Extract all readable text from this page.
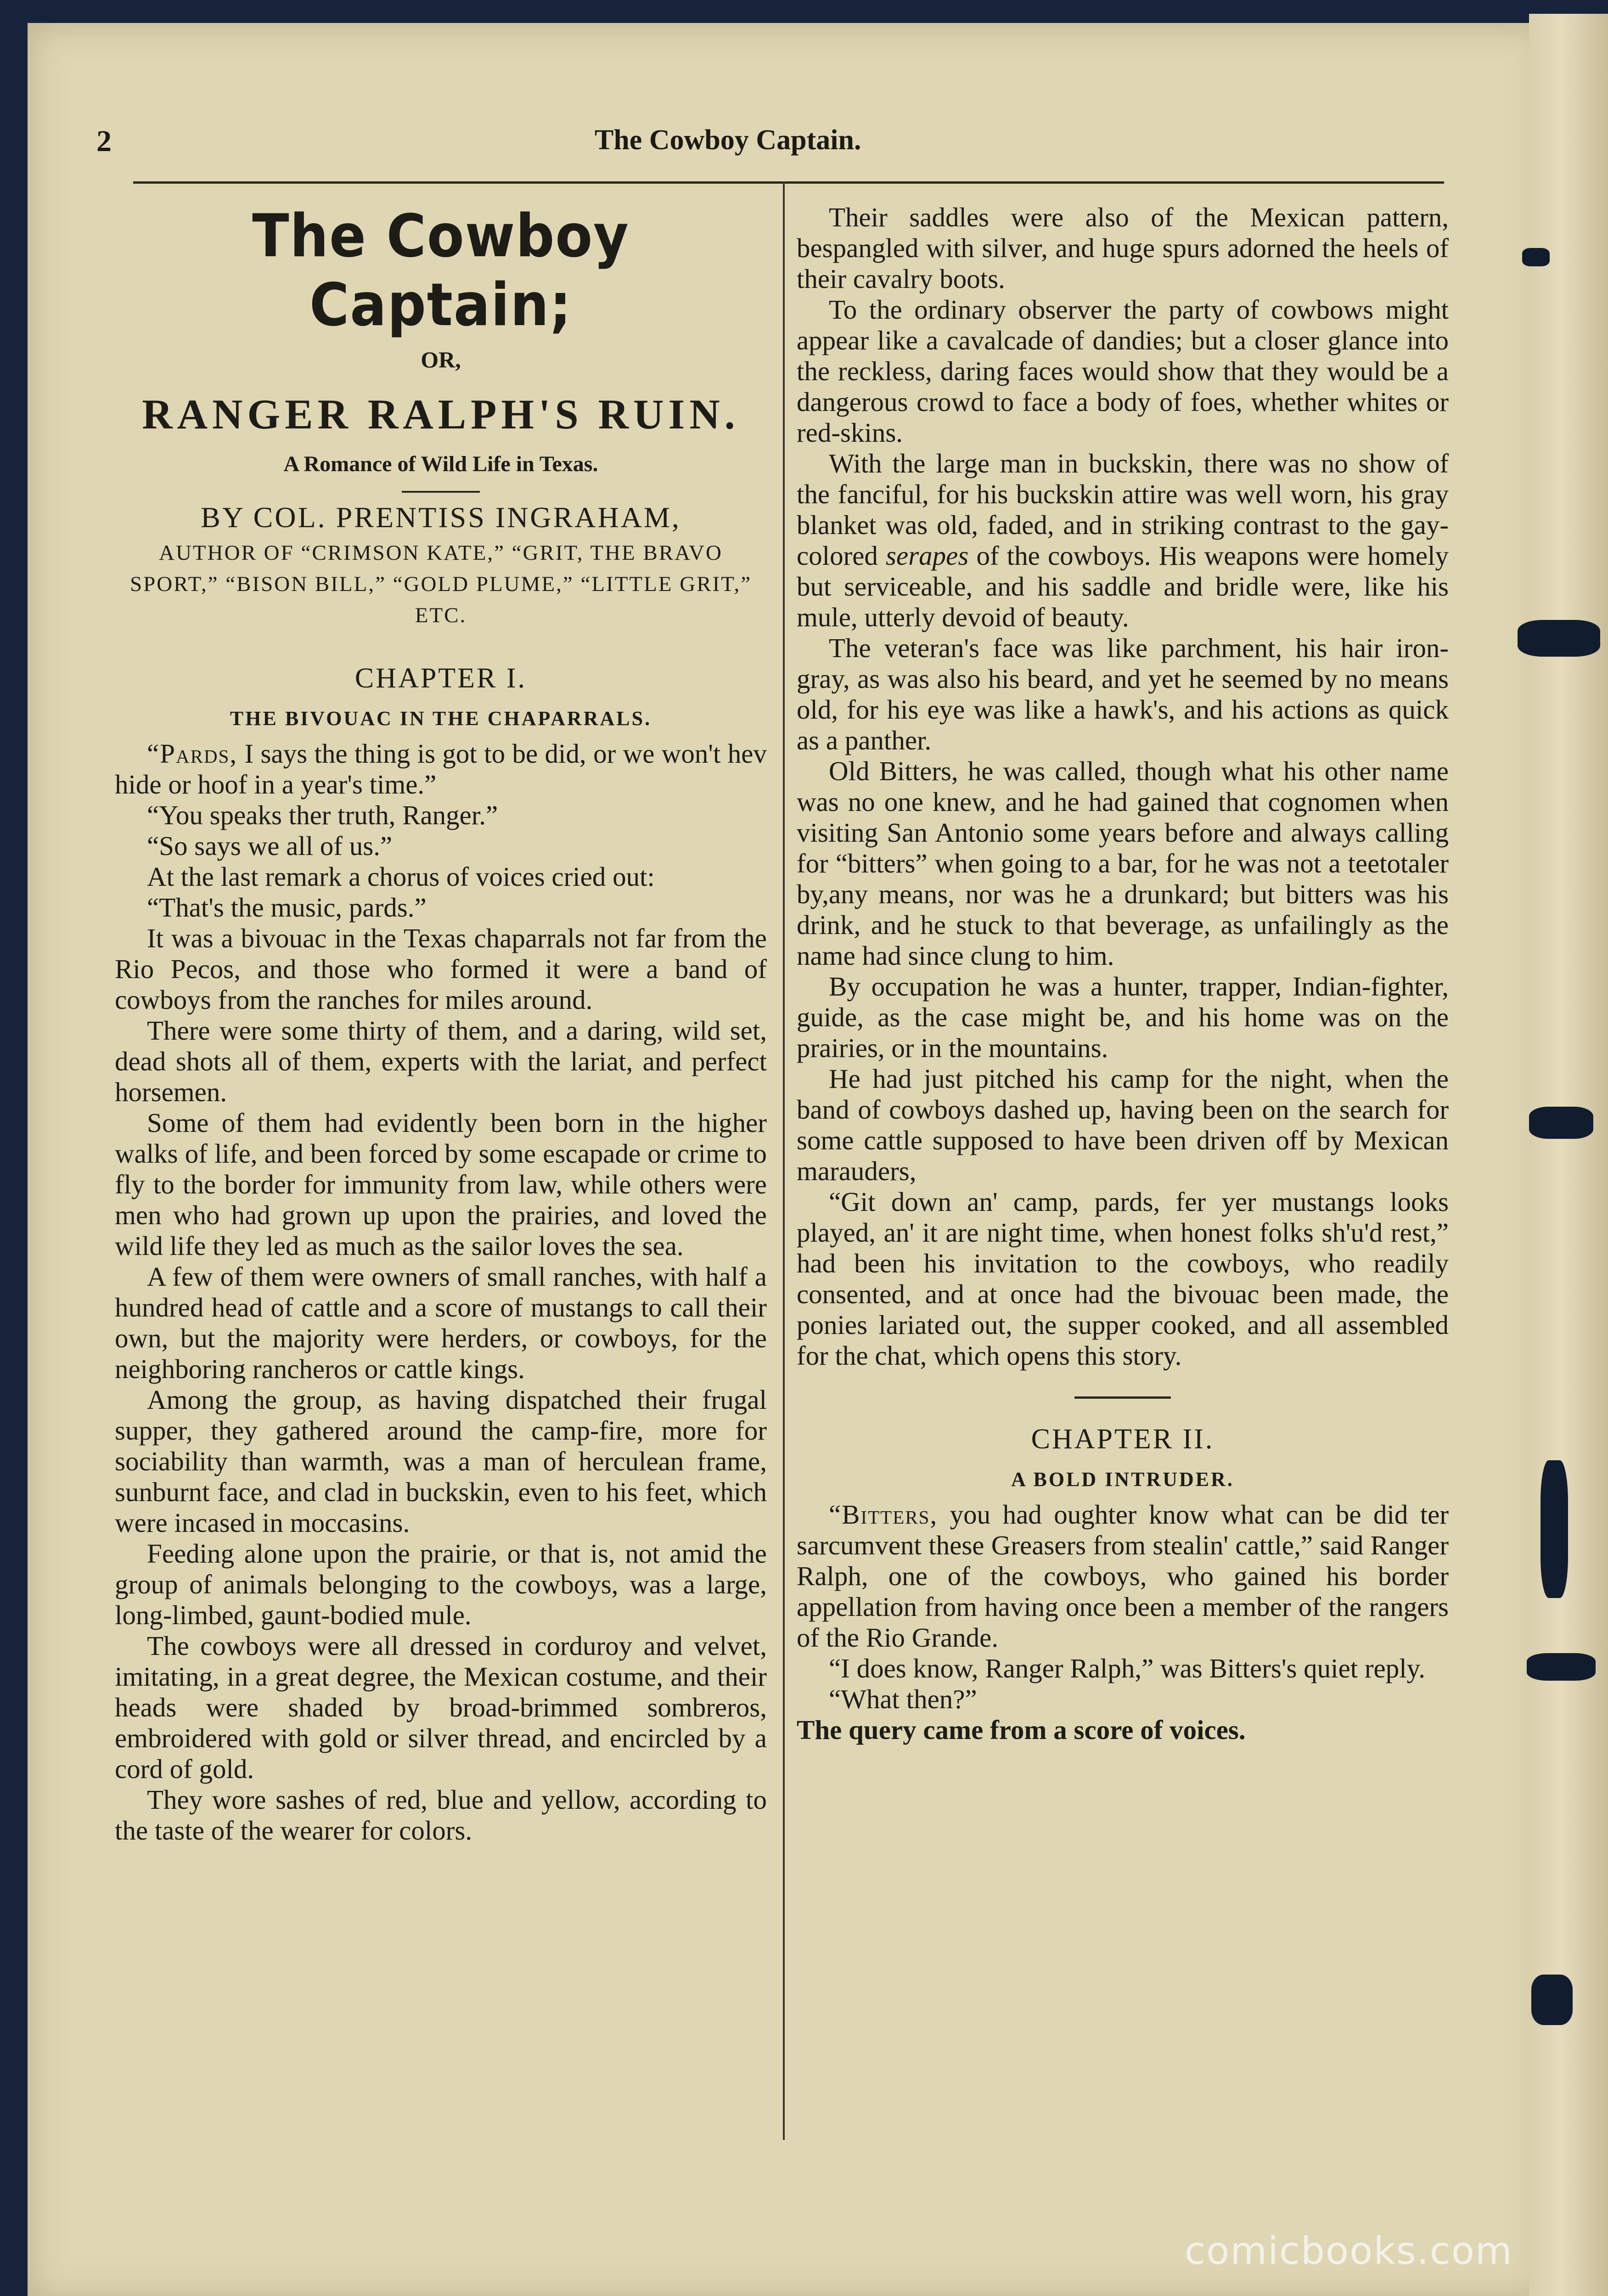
2	The Cowboy Captain.
The Cowboy Captain;
OR,
RANGER RALPH'S RUIN.
A Romance of Wild Life in Texas.
BY COL. PRENTISS INGRAHAM,
AUTHOR OF “CRIMSON KATE,” “GRIT, THE BRAVO SPORT,” “BISON BILL,” “GOLD PLUME,” “LITTLE GRIT,” ETC.
CHAPTER I.
THE BIVOUAC IN THE CHAPARRALS.

“Pards, I says the thing is got to be did, or we won't hev hide or hoof in a year's time.”

“You speaks ther truth, Ranger.”

“So says we all of us.”

At the last remark a chorus of voices cried out:

“That's the music, pards.”

It was a bivouac in the Texas chaparrals not far from the Rio Pecos, and those who formed it were a band of cowboys from the ranches for miles around.

There were some thirty of them, and a daring, wild set, dead shots all of them, experts with the lariat, and perfect horsemen.

Some of them had evidently been born in the higher walks of life, and been forced by some escapade or crime to fly to the border for immunity from law, while others were men who had grown up upon the prairies, and loved the wild life they led as much as the sailor loves the sea.

A few of them were owners of small ranches, with half a hundred head of cattle and a score of mustangs to call their own, but the majority were herders, or cowboys, for the neighboring rancheros or cattle kings.

Among the group, as having dispatched their frugal supper, they gathered around the camp-fire, more for sociability than warmth, was a man of herculean frame, sunburnt face, and clad in buckskin, even to his feet, which were incased in moccasins.

Feeding alone upon the prairie, or that is, not amid the group of animals belonging to the cowboys, was a large, long-limbed, gaunt-bodied mule.

The cowboys were all dressed in corduroy and velvet, imitating, in a great degree, the Mexican costume, and their heads were shaded by broad-brimmed sombreros, embroidered with gold or silver thread, and encircled by a cord of gold.

They wore sashes of red, blue and yellow, according to the taste of the wearer for colors.

Their saddles were also of the Mexican pattern, bespangled with silver, and huge spurs adorned the heels of their cavalry boots.

To the ordinary observer the party of cowbows might appear like a cavalcade of dandies; but a closer glance into the reckless, daring faces would show that they would be a dangerous crowd to face a body of foes, whether whites or red-skins.

With the large man in buckskin, there was no show of the fanciful, for his buckskin attire was well worn, his gray blanket was old, faded, and in striking contrast to the gay-colored serapes of the cowboys. His weapons were homely but serviceable, and his saddle and bridle were, like his mule, utterly devoid of beauty.

The veteran's face was like parchment, his hair iron-gray, as was also his beard, and yet he seemed by no means old, for his eye was like a hawk's, and his actions as quick as a panther.

Old Bitters, he was called, though what his other name was no one knew, and he had gained that cognomen when visiting San Antonio some years before and always calling for “bitters” when going to a bar, for he was not a teetotaler by,any means, nor was he a drunkard; but bitters was his drink, and he stuck to that beverage, as unfailingly as the name had since clung to him.

By occupation he was a hunter, trapper, Indian-fighter, guide, as the case might be, and his home was on the prairies, or in the mountains.

He had just pitched his camp for the night, when the band of cowboys dashed up, having been on the search for some cattle supposed to have been driven off by Mexican marauders,

“Git down an' camp, pards, fer yer mustangs looks played, an' it are night time, when honest folks sh'u'd rest,” had been his invitation to the cowboys, who readily consented, and at once had the bivouac been made, the ponies lariated out, the supper cooked, and all assembled for the chat, which opens this story.

CHAPTER II.
A BOLD INTRUDER.

“Bitters, you had oughter know what can be did ter sarcumvent these Greasers from stealin' cattle,” said Ranger Ralph, one of the cowboys, who gained his border appellation from having once been a member of the rangers of the Rio Grande.

“I does know, Ranger Ralph,” was Bitters's quiet reply.

“What then?”

The query came from a score of voices.

comicbooks.com
